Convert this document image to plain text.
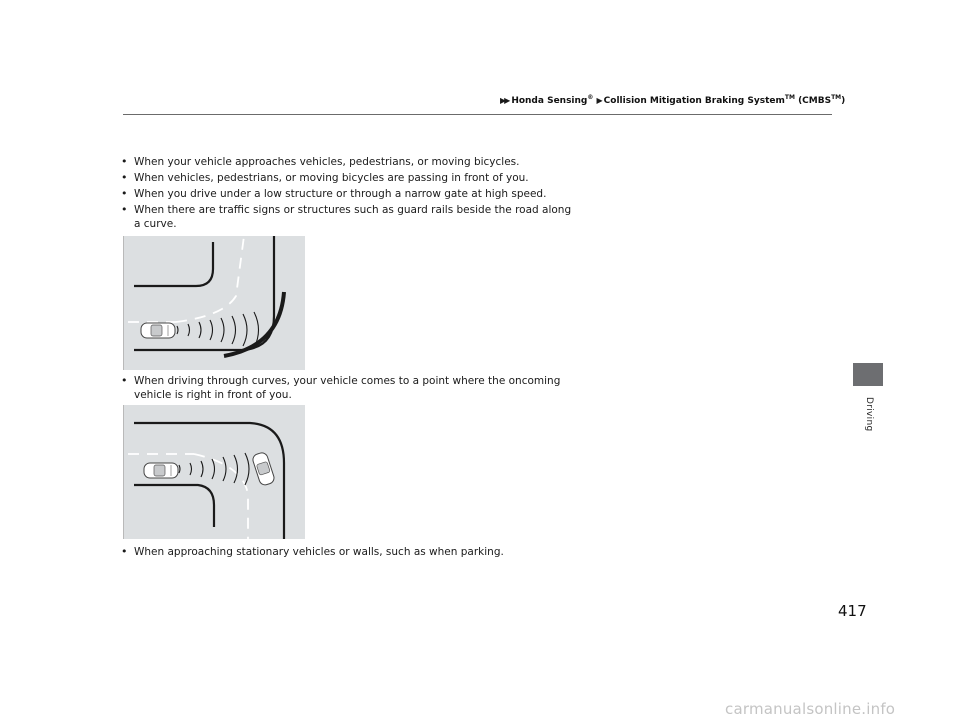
▶▶ Honda Sensing® ▶ Collision Mitigation Braking System™ (CMBS™)
• When your vehicle approaches vehicles, pedestrians, or moving bicycles.
• When vehicles, pedestrians, or moving bicycles are passing in front of you.
• When you drive under a low structure or through a narrow gate at high speed.
• When there are traffic signs or structures such as guard rails beside the road along
a curve.
• When driving through curves, your vehicle comes to a point where the oncoming
vehicle is right in front of you.
• When approaching stationary vehicles or walls, such as when parking.
Driving
417
carmanualsonline.info
